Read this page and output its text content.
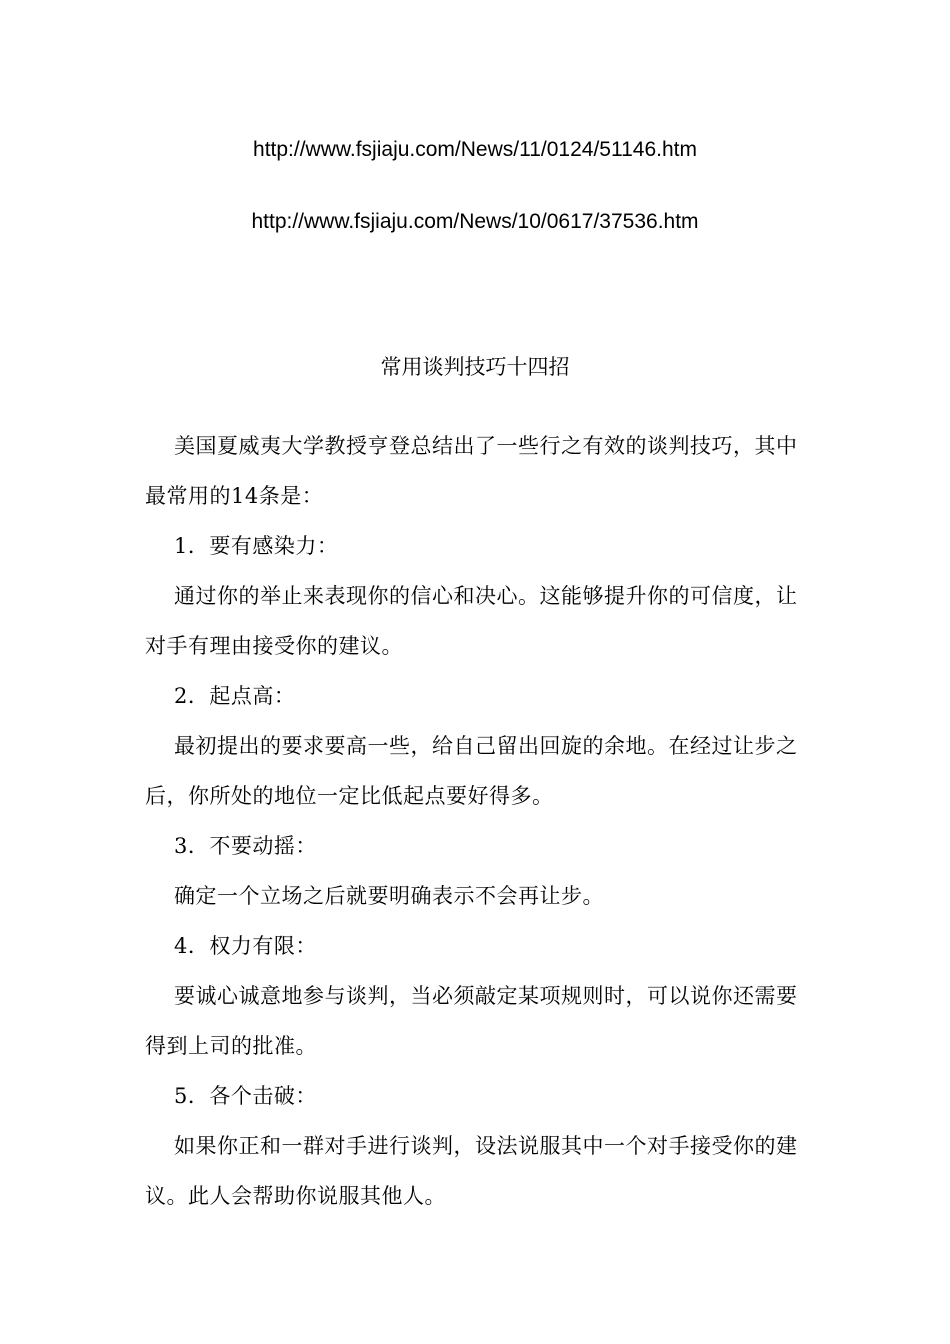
http://www.fsjiaju.com/News/11/0124/51146.htm
http://www.fsjiaju.com/News/10/0617/37536.htm
常用谈判技巧十四招

美国夏威夷大学教授亨登总结出了一些行之有效的谈判技巧，其中最常用的14条是：

1．要有感染力：

通过你的举止来表现你的信心和决心。这能够提升你的可信度，让对手有理由接受你的建议。

2．起点高：

最初提出的要求要高一些，给自己留出回旋的余地。在经过让步之后，你所处的地位一定比低起点要好得多。

3．不要动摇：

确定一个立场之后就要明确表示不会再让步。

4．权力有限：

要诚心诚意地参与谈判，当必须敲定某项规则时，可以说你还需要得到上司的批准。

5．各个击破：

如果你正和一群对手进行谈判，设法说服其中一个对手接受你的建议。此人会帮助你说服其他人。
